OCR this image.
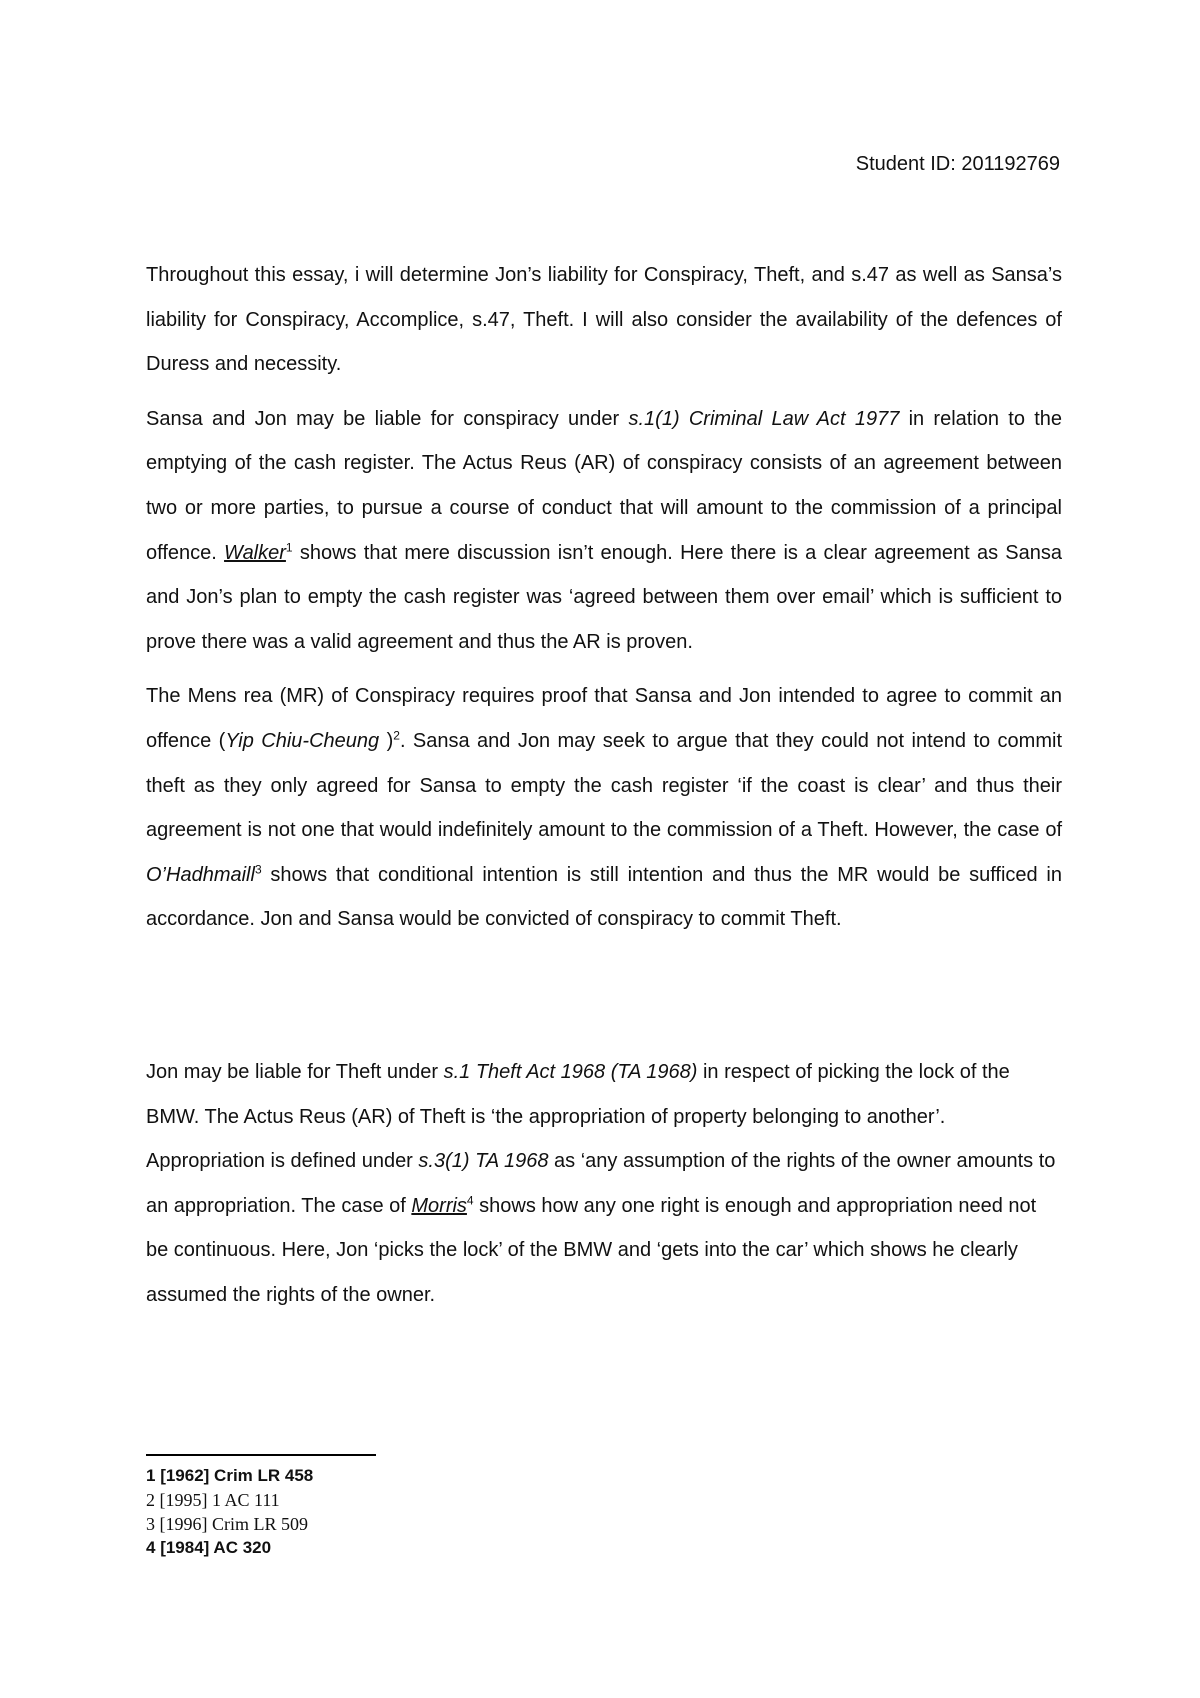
Student ID: 201192769

Throughout this essay, i will determine Jon’s liability for Conspiracy, Theft, and s.47 as well as Sansa’s liability for Conspiracy, Accomplice, s.47, Theft. I will also consider the availability of the defences of Duress and necessity.

Sansa and Jon may be liable for conspiracy under s.1(1) Criminal Law Act 1977 in relation to the emptying of the cash register. The Actus Reus (AR) of conspiracy consists of an agreement between two or more parties, to pursue a course of conduct that will amount to the commission of a principal offence. Walker$^1$ shows that mere discussion isn’t enough. Here there is a clear agreement as Sansa and Jon’s plan to empty the cash register was ‘agreed between them over email’ which is sufficient to prove there was a valid agreement and thus the AR is proven.

The Mens rea (MR) of Conspiracy requires proof that Sansa and Jon intended to agree to commit an offence (Yip Chiu-Cheung )$^2$. Sansa and Jon may seek to argue that they could not intend to commit theft as they only agreed for Sansa to empty the cash register ‘if the coast is clear’ and thus their agreement is not one that would indefinitely amount to the commission of a Theft. However, the case of O’Hadhmaill$^3$ shows that conditional intention is still intention and thus the MR would be sufficed in accordance. Jon and Sansa would be convicted of conspiracy to commit Theft.

Jon may be liable for Theft under s.1 Theft Act 1968 (TA 1968) in respect of picking the lock of the BMW. The Actus Reus (AR) of Theft is ‘the appropriation of property belonging to another’. Appropriation is defined under s.3(1) TA 1968 as ‘any assumption of the rights of the owner amounts to an appropriation. The case of Morris$^4$ shows how any one right is enough and appropriation need not be continuous. Here, Jon ‘picks the lock’ of the BMW and ‘gets into the car’ which shows he clearly assumed the rights of the owner.

1 [1962] Crim LR 458

2 [1995] 1 AC 111

3 [1996] Crim LR 509

4 [1984] AC 320
